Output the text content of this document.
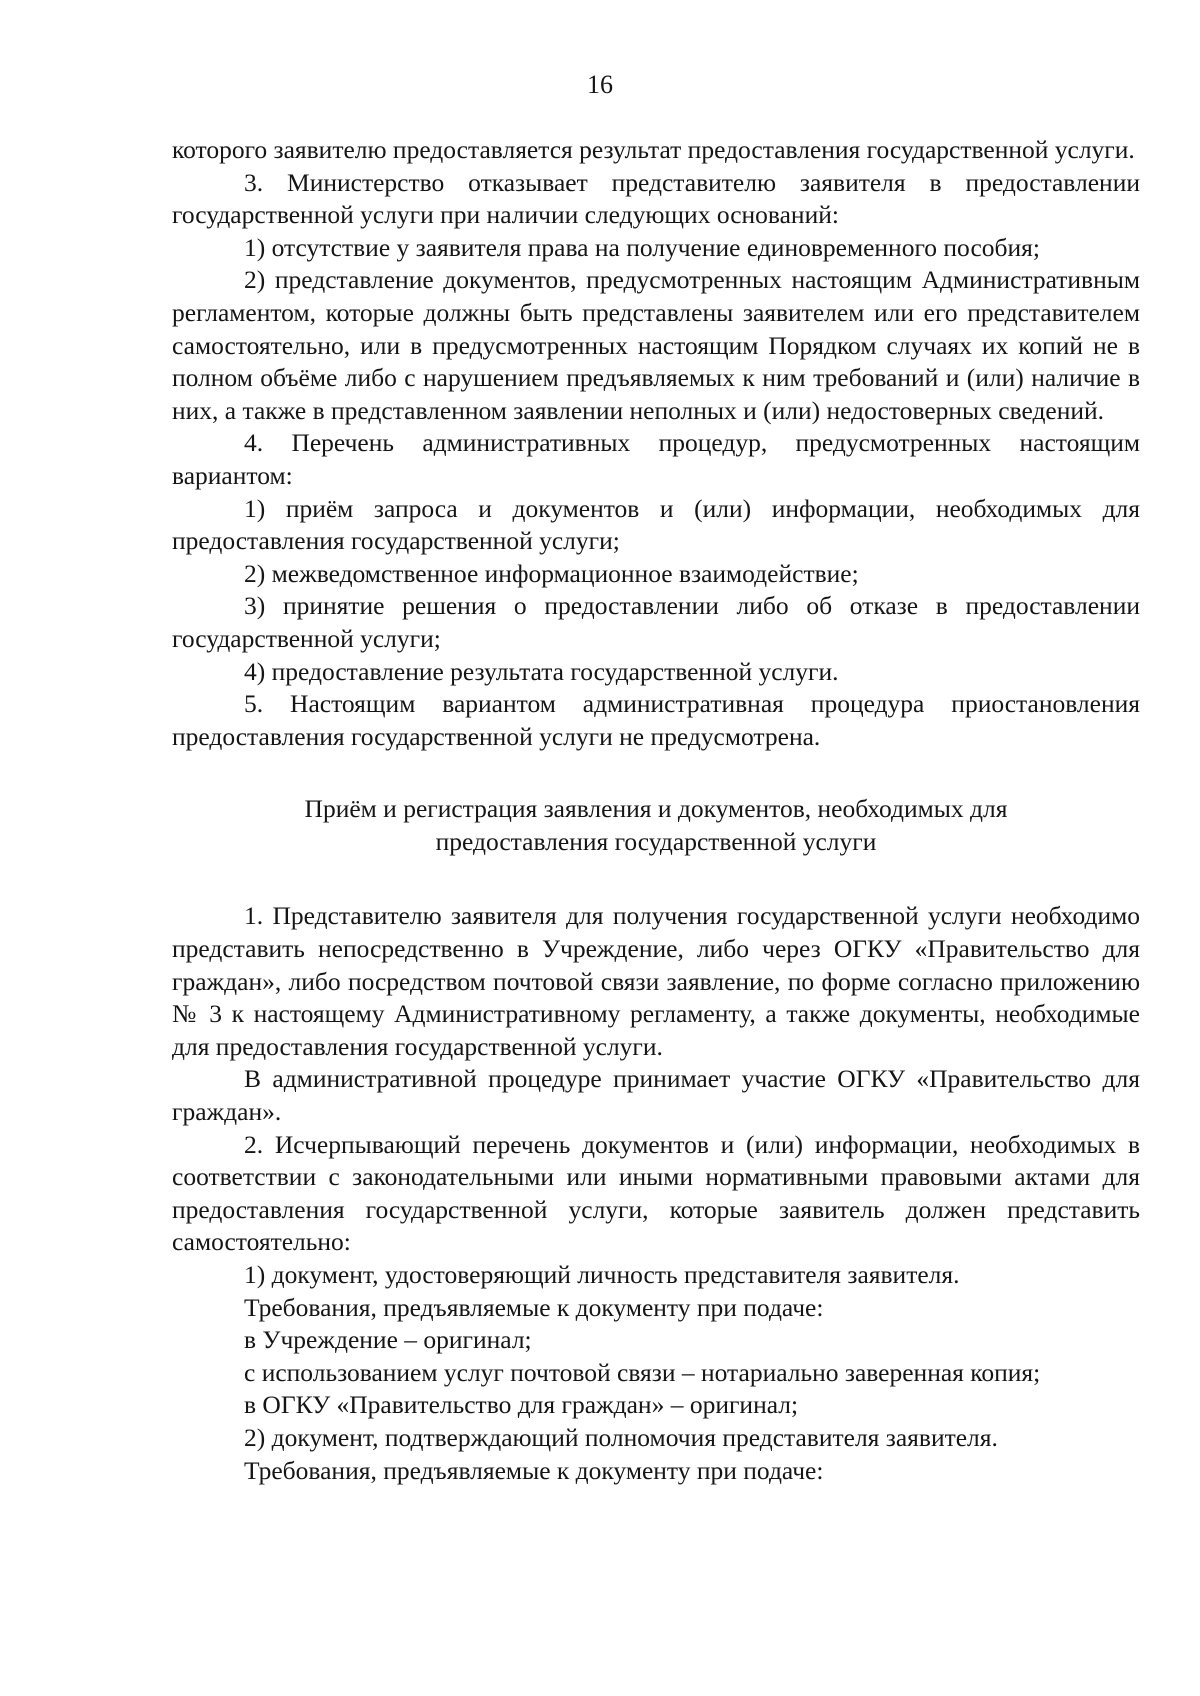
16

которого заявителю предоставляется результат предоставления государственной услуги.

3. Министерство отказывает представителю заявителя в предоставлении государственной услуги при наличии следующих оснований:

1) отсутствие у заявителя права на получение единовременного пособия;

2) представление документов, предусмотренных настоящим Административным регламентом, которые должны быть представлены заявителем или его представителем самостоятельно, или в предусмотренных настоящим Порядком случаях их копий не в полном объёме либо с нарушением предъявляемых к ним требований и (или) наличие в них, а также в представленном заявлении неполных и (или) недостоверных сведений.

4. Перечень административных процедур, предусмотренных настоящим вариантом:

1) приём запроса и документов и (или) информации, необходимых для предоставления государственной услуги;

2) межведомственное информационное взаимодействие;

3) принятие решения о предоставлении либо об отказе в предоставлении государственной услуги;

4) предоставление результата государственной услуги.

5. Настоящим вариантом административная процедура приостановления предоставления государственной услуги не предусмотрена.

Приём и регистрация заявления и документов, необходимых для
предоставления государственной услуги

1. Представителю заявителя для получения государственной услуги необходимо представить непосредственно в Учреждение, либо через ОГКУ «Правительство для граждан», либо посредством почтовой связи заявление, по форме согласно приложению № 3 к настоящему Административному регламенту, а также документы, необходимые для предоставления государственной услуги.

В административной процедуре принимает участие ОГКУ «Правительство для граждан».

2. Исчерпывающий перечень документов и (или) информации, необходимых в соответствии с законодательными или иными нормативными правовыми актами для предоставления государственной услуги, которые заявитель должен представить самостоятельно:

1) документ, удостоверяющий личность представителя заявителя.

Требования, предъявляемые к документу при подаче:

в Учреждение – оригинал;

с использованием услуг почтовой связи – нотариально заверенная копия;

в ОГКУ «Правительство для граждан» – оригинал;

2) документ, подтверждающий полномочия представителя заявителя.

Требования, предъявляемые к документу при подаче:
